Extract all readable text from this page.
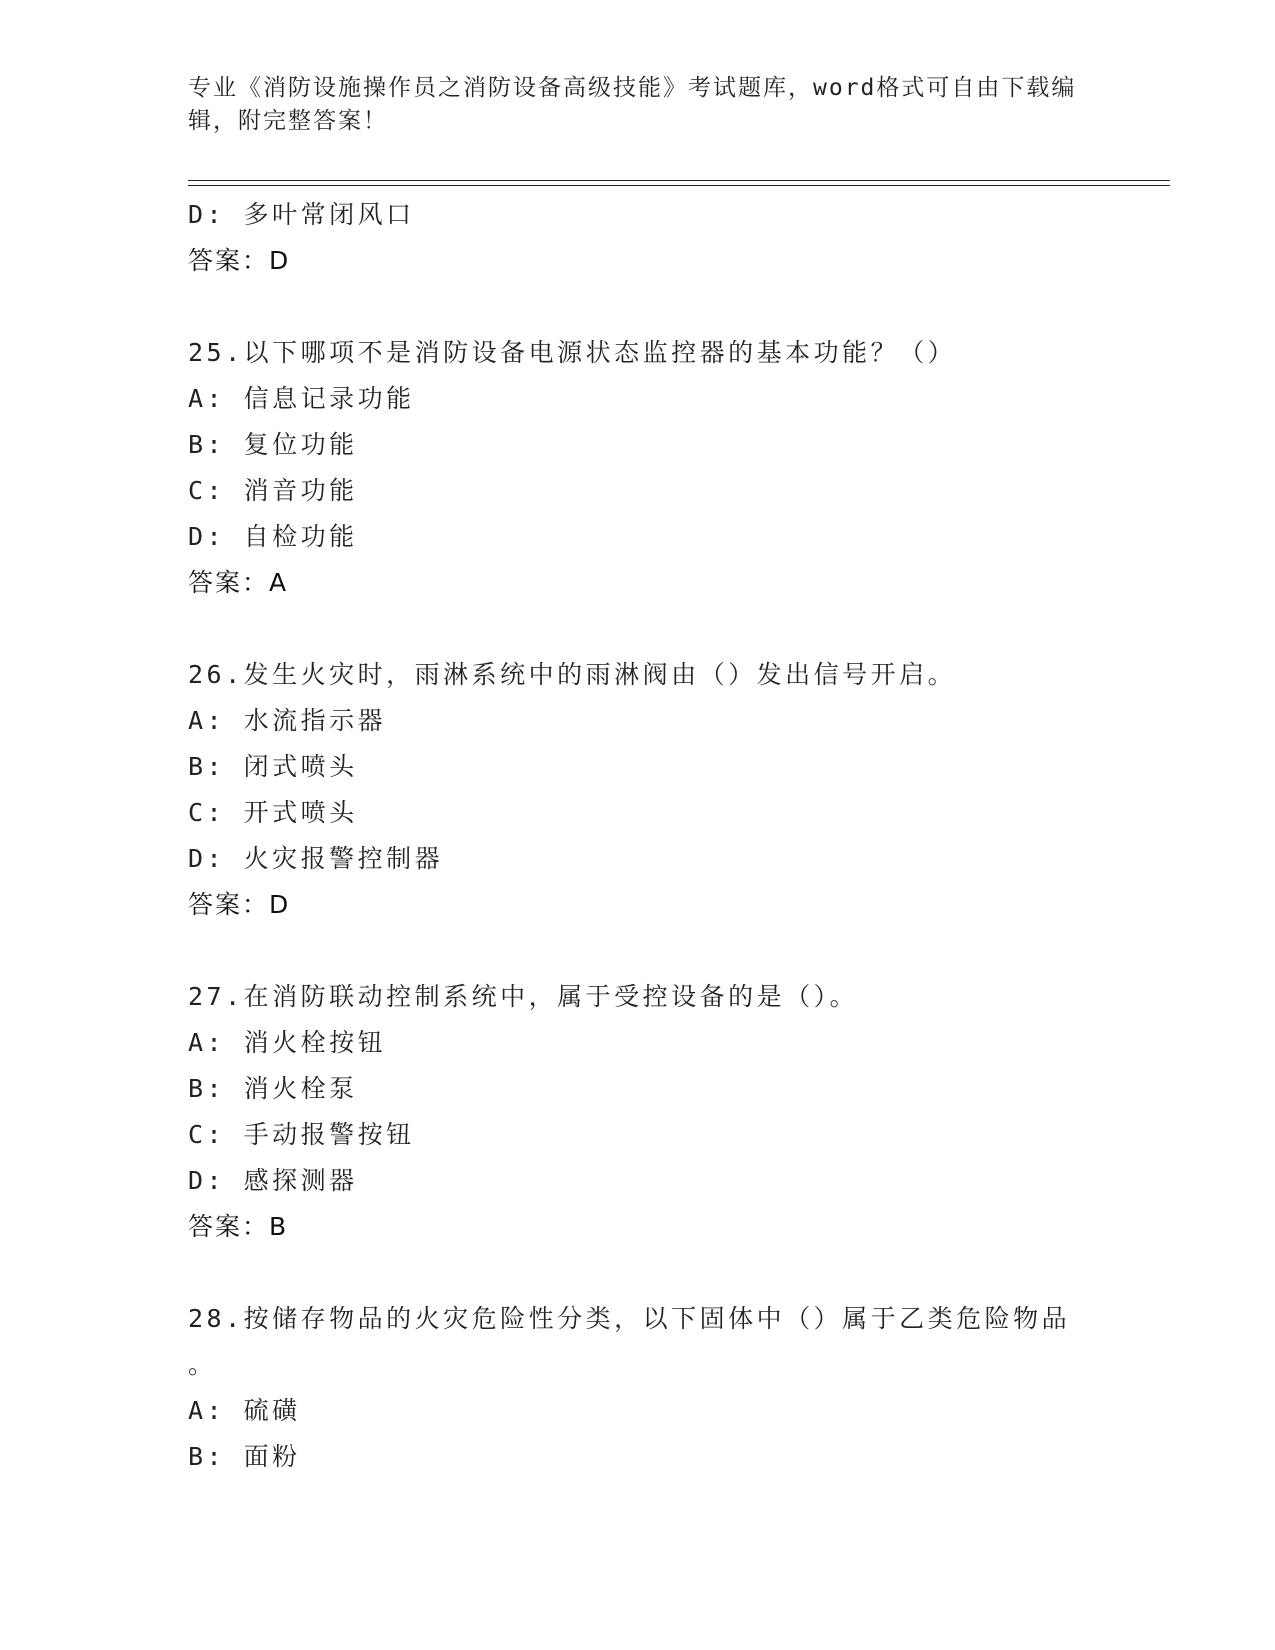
专业《消防设施操作员之消防设备高级技能》考试题库，word格式可自由下载编辑，附完整答案！
D: 多叶常闭风口
答案：D
25.以下哪项不是消防设备电源状态监控器的基本功能？（）
A: 信息记录功能
B: 复位功能
C: 消音功能
D: 自检功能
答案：A
26.发生火灾时，雨淋系统中的雨淋阀由（）发出信号开启。
A: 水流指示器
B: 闭式喷头
C: 开式喷头
D: 火灾报警控制器
答案：D
27.在消防联动控制系统中，属于受控设备的是（）。
A: 消火栓按钮
B: 消火栓泵
C: 手动报警按钮
D: 感探测器
答案：B
28.按储存物品的火灾危险性分类，以下固体中（）属于乙类危险物品
。
A: 硫磺
B: 面粉
